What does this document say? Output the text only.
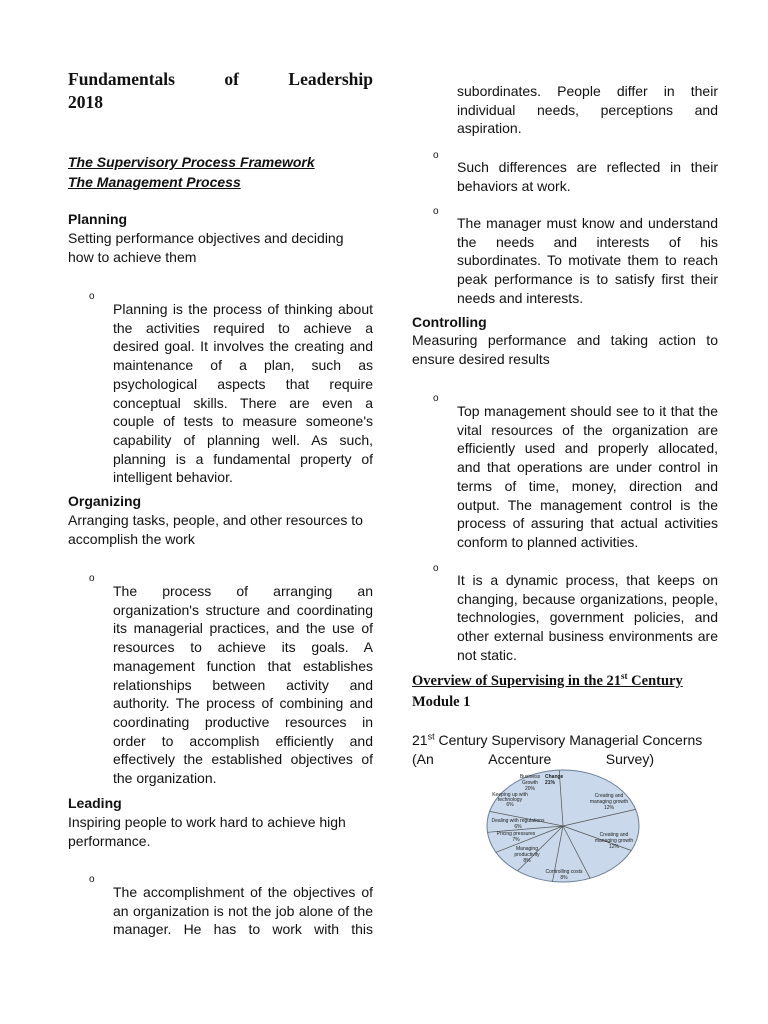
Fundamentals	of	Leadership
2018

The Supervisory Process Framework

The Management Process

Planning

Setting performance objectives and deciding how to achieve them

o

Planning is the process of thinking about the activities required to achieve a desired goal. It involves the creating and maintenance of a plan, such as psychological aspects that require conceptual skills. There are even a couple of tests to measure someone's capability of planning well. As such, planning is a fundamental property of intelligent behavior.

Organizing

Arranging tasks, people, and other resources to accomplish the work

o

The process of arranging an organization's structure and coordinating its managerial practices, and the use of resources to achieve its goals. A management function that establishes relationships between activity and authority. The process of combining and coordinating productive resources in order to accomplish efficiently and effectively the established objectives of the organization.

Leading

Inspiring people to work hard to achieve high performance.

o

The accomplishment of the objectives of an organization is not the job alone of the manager. He has to work with this

subordinates. People differ in their individual needs, perceptions and aspiration.

o

Such differences are reflected in their behaviors at work.

o

The manager must know and understand the needs and interests of his subordinates. To motivate them to reach peak performance is to satisfy first their needs and interests.

Controlling

Measuring performance and taking action to ensure desired results

o

Top management should see to it that the vital resources of the organization are efficiently used and properly allocated, and that operations are under control in terms of time, money, direction and output. The management control is the process of assuring that actual activities conform to planned activities.

o

It is a dynamic process, that keeps on changing, because organizations, people, technologies, government policies, and other external business environments are not static.

Overview of Supervising in the 21 $^{st}$ Century
Module 1
21st Century Supervisory Managerial Concerns
(An	Accenture	Survey)
Change
21%
Creating and
managing growth
12%
Creating and
managing growth
12%
Controlling costs
8%
Managing
productivity
8%
Pricing pressures
7%
Dealing with regulations
6%
Keeping up with
technology
6%
Business
Growth
20%
